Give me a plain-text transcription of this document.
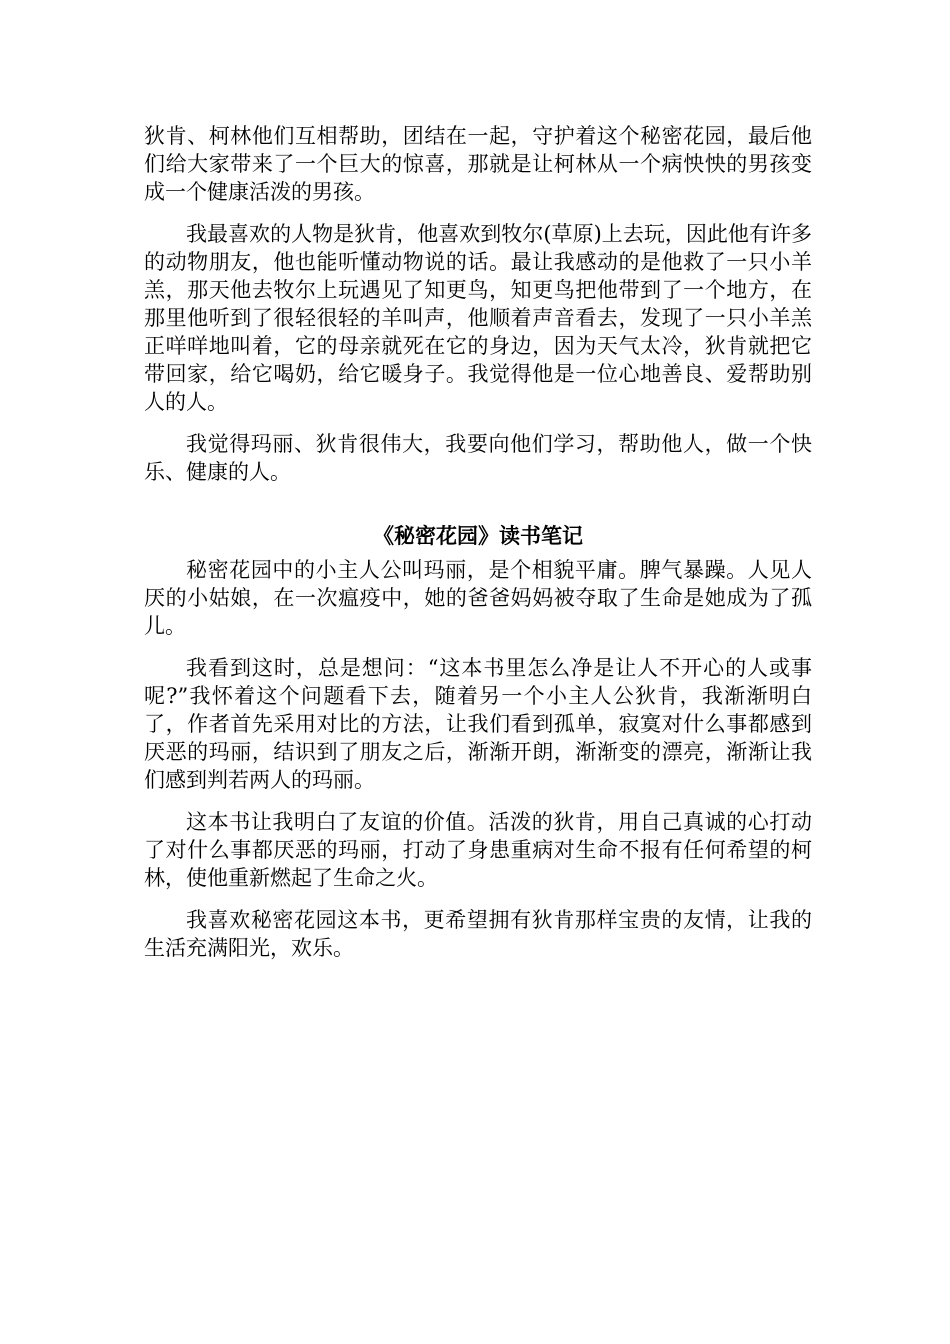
狄肯、柯林他们互相帮助，团结在一起，守护着这个秘密花园，最后他们给大家带来了一个巨大的惊喜，那就是让柯林从一个病怏怏的男孩变成一个健康活泼的男孩。

我最喜欢的人物是狄肯，他喜欢到牧尔(草原)上去玩，因此他有许多的动物朋友，他也能听懂动物说的话。最让我感动的是他救了一只小羊羔，那天他去牧尔上玩遇见了知更鸟，知更鸟把他带到了一个地方，在那里他听到了很轻很轻的羊叫声，他顺着声音看去，发现了一只小羊羔正咩咩地叫着，它的母亲就死在它的身边，因为天气太冷，狄肯就把它带回家，给它喝奶，给它暖身子。我觉得他是一位心地善良、爱帮助别人的人。

我觉得玛丽、狄肯很伟大，我要向他们学习，帮助他人，做一个快乐、健康的人。

《秘密花园》读书笔记

秘密花园中的小主人公叫玛丽，是个相貌平庸。脾气暴躁。人见人厌的小姑娘，在一次瘟疫中，她的爸爸妈妈被夺取了生命是她成为了孤儿。

我看到这时，总是想问：“这本书里怎么净是让人不开心的人或事呢?”我怀着这个问题看下去，随着另一个小主人公狄肯，我渐渐明白了，作者首先采用对比的方法，让我们看到孤单，寂寞对什么事都感到厌恶的玛丽，结识到了朋友之后，渐渐开朗，渐渐变的漂亮，渐渐让我们感到判若两人的玛丽。

这本书让我明白了友谊的价值。活泼的狄肯，用自己真诚的心打动了对什么事都厌恶的玛丽，打动了身患重病对生命不报有任何希望的柯林，使他重新燃起了生命之火。

我喜欢秘密花园这本书，更希望拥有狄肯那样宝贵的友情，让我的生活充满阳光，欢乐。
